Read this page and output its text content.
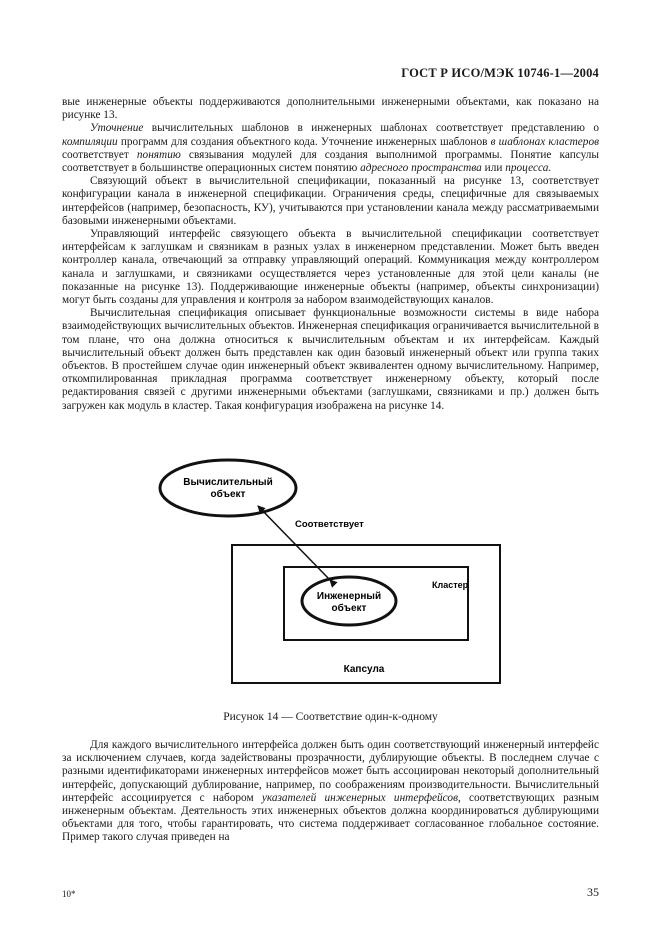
ГОСТ Р ИСО/МЭК 10746-1—2004

вые инженерные объекты поддерживаются дополнительными инженерными объектами, как показано на рисунке 13.

Уточнение вычислительных шаблонов в инженерных шаблонах соответствует представлению о компиляции программ для создания объектного кода. Уточнение инженерных шаблонов в шаблонах кластеров соответствует понятию связывания модулей для создания выполнимой программы. Понятие капсулы соответствует в большинстве операционных систем понятию адресного пространства или процесса.

Связующий объект в вычислительной спецификации, показанный на рисунке 13, соответствует конфигурации канала в инженерной спецификации. Ограничения среды, специфичные для связываемых интерфейсов (например, безопасность, КУ), учитываются при установлении канала между рассматриваемыми базовыми инженерными объектами.

Управляющий интерфейс связующего объекта в вычислительной спецификации соответствует интерфейсам к заглушкам и связникам в разных узлах в инженерном представлении. Может быть введен контроллер канала, отвечающий за отправку управляющий операций. Коммуникация между контроллером канала и заглушками, и связниками осуществляется через установленные для этой цели каналы (не показанные на рисунке 13). Поддерживающие инженерные объекты (например, объекты синхронизации) могут быть созданы для управления и контроля за набором взаимодействующих каналов.

Вычислительная спецификация описывает функциональные возможности системы в виде набора взаимодействующих вычислительных объектов. Инженерная спецификация ограничивается вычислительной в том плане, что она должна относиться к вычислительным объектам и их интерфейсам. Каждый вычислительный объект должен быть представлен как один базовый инженерный объект или группа таких объектов. В простейшем случае один инженерный объект эквивалентен одному вычислительному. Например, откомпилированная прикладная программа соответствует инженерному объекту, который после редактирования связей с другими инженерными объектами (заглушками, связниками и пр.) должен быть загружен как модуль в кластер. Такая конфигурация изображена на рисунке 14.

Вычислительный
объект
Инженерный
объект
Соответствует
Кластер
Капсула
Рисунок 14 — Соответствие один-к-одному

Для каждого вычислительного интерфейса должен быть один соответствующий инженерный интерфейс за исключением случаев, когда задействованы прозрачности, дублирующие объекты. В последнем случае с разными идентификаторами инженерных интерфейсов может быть ассоциирован некоторый дополнительный интерфейс, допускающий дублирование, например, по соображениям производительности. Вычислительный интерфейс ассоциируется с набором указателей инженерных интерфейсов, соответствующих разным инженерным объектам. Деятельность этих инженерных объектов должна координироваться дублирующими объектами для того, чтобы гарантировать, что система поддерживает согласованное глобальное состояние. Пример такого случая приведен на

10*	35
